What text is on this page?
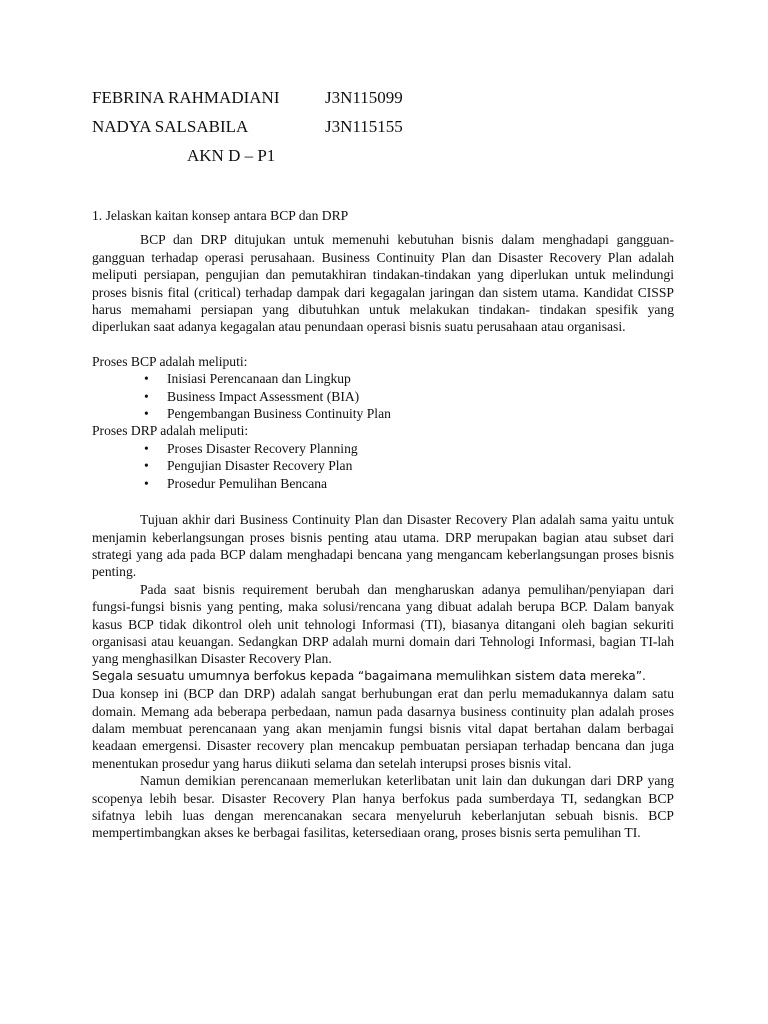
FEBRINA RAHMADIANI	J3N115099
NADYA SALSABILA	J3N115155
AKN D – P1

1. Jelaskan kaitan konsep antara BCP dan DRP

BCP dan DRP ditujukan untuk memenuhi kebutuhan bisnis dalam menghadapi gangguan- gangguan terhadap operasi perusahaan. Business Continuity Plan dan Disaster Recovery Plan adalah meliputi persiapan, pengujian dan pemutakhiran tindakan-tindakan yang diperlukan untuk melindungi proses bisnis fital (critical) terhadap dampak dari kegagalan jaringan dan sistem utama. Kandidat CISSP harus memahami persiapan yang dibutuhkan untuk melakukan tindakan- tindakan spesifik yang diperlukan saat adanya kegagalan atau penundaan operasi bisnis suatu perusahaan atau organisasi.

Proses BCP adalah meliputi:

• Inisiasi Perencanaan dan Lingkup
• Business Impact Assessment (BIA)
• Pengembangan Business Continuity Plan

Proses DRP adalah meliputi:

• Proses Disaster Recovery Planning
• Pengujian Disaster Recovery Plan
• Prosedur Pemulihan Bencana

Tujuan akhir dari Business Continuity Plan dan Disaster Recovery Plan adalah sama yaitu untuk menjamin keberlangsungan proses bisnis penting atau utama. DRP merupakan bagian atau subset dari strategi yang ada pada BCP dalam menghadapi bencana yang mengancam keberlangsungan proses bisnis penting.

Pada saat bisnis requirement berubah dan mengharuskan adanya pemulihan/penyiapan dari fungsi-fungsi bisnis yang penting, maka solusi/rencana yang dibuat adalah berupa BCP. Dalam banyak kasus BCP tidak dikontrol oleh unit tehnologi Informasi (TI), biasanya ditangani oleh bagian sekuriti organisasi atau keuangan. Sedangkan DRP adalah murni domain dari Tehnologi Informasi, bagian TI-lah yang menghasilkan Disaster Recovery Plan.

Segala sesuatu umumnya berfokus kepada “bagaimana memulihkan sistem data mereka”.

Dua konsep ini (BCP dan DRP) adalah sangat berhubungan erat dan perlu memadukannya dalam satu domain. Memang ada beberapa perbedaan, namun pada dasarnya business continuity plan adalah proses dalam membuat perencanaan yang akan menjamin fungsi bisnis vital dapat bertahan dalam berbagai keadaan emergensi. Disaster recovery plan mencakup pembuatan persiapan terhadap bencana dan juga menentukan prosedur yang harus diikuti selama dan setelah interupsi proses bisnis vital.

Namun demikian perencanaan memerlukan keterlibatan unit lain dan dukungan dari DRP yang scopenya lebih besar. Disaster Recovery Plan hanya berfokus pada sumberdaya TI, sedangkan BCP sifatnya lebih luas dengan merencanakan secara menyeluruh keberlanjutan sebuah bisnis. BCP mempertimbangkan akses ke berbagai fasilitas, ketersediaan orang, proses bisnis serta pemulihan TI.
